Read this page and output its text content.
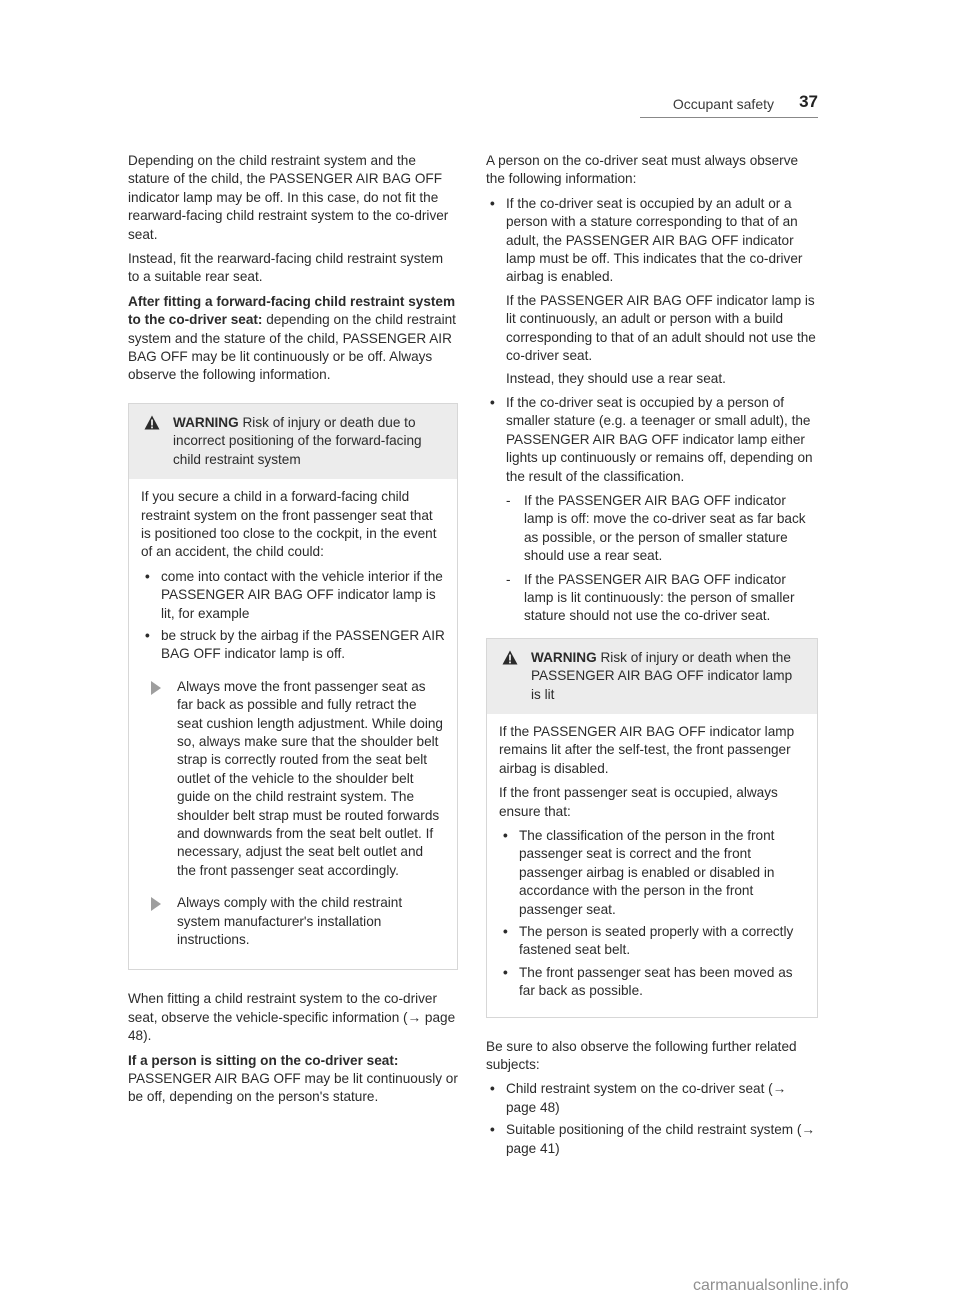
Occupant safety 37

Depending on the child restraint system and the stature of the child, the PASSENGER AIR BAG OFF indicator lamp may be off. In this case, do not fit the rearward-facing child restraint system to the co-driver seat.

Instead, fit the rearward-facing child restraint system to a suitable rear seat.

After fitting a forward-facing child restraint system to the co-driver seat: depending on the child restraint system and the stature of the child, PASSENGER AIR BAG OFF may be lit continuously or be off. Always observe the following information.

WARNING Risk of injury or death due to incorrect positioning of the forward-facing child restraint system

If you secure a child in a forward-facing child restraint system on the front passenger seat that is positioned too close to the cockpit, in the event of an accident, the child could:

• come into contact with the vehicle interior if the PASSENGER AIR BAG OFF indicator lamp is lit, for example
• be struck by the airbag if the PASSENGER AIR BAG OFF indicator lamp is off.
Always move the front passenger seat as far back as possible and fully retract the seat cushion length adjustment. While doing so, always make sure that the shoulder belt strap is correctly routed from the seat belt outlet of the vehicle to the shoulder belt guide on the child restraint system. The shoulder belt strap must be routed forwards and downwards from the seat belt outlet. If necessary, adjust the seat belt outlet and the front passenger seat accordingly.
Always comply with the child restraint system manufacturer's installation instructions.

When fitting a child restraint system to the co-driver seat, observe the vehicle-specific information (→ page 48).

If a person is sitting on the co-driver seat:

PASSENGER AIR BAG OFF may be lit continuously or be off, depending on the person's stature.

A person on the co-driver seat must always observe the following information:

• If the co-driver seat is occupied by an adult or a person with a stature corresponding to that of an adult, the PASSENGER AIR BAG OFF indicator lamp must be off. This indicates that the co-driver airbag is enabled.

If the PASSENGER AIR BAG OFF indicator lamp is lit continuously, an adult or person with a build corresponding to that of an adult should not use the co-driver seat.

Instead, they should use a rear seat.

• If the co-driver seat is occupied by a person of smaller stature (e.g. a teenager or small adult), the PASSENGER AIR BAG OFF indicator lamp either lights up continuously or remains off, depending on the result of the classification.

- If the PASSENGER AIR BAG OFF indicator lamp is off: move the co-driver seat as far back as possible, or the person of smaller stature should use a rear seat.
- If the PASSENGER AIR BAG OFF indicator lamp is lit continuously: the person of smaller stature should not use the co-driver seat.
WARNING Risk of injury or death when the PASSENGER AIR BAG OFF indicator lamp is lit

If the PASSENGER AIR BAG OFF indicator lamp remains lit after the self-test, the front passenger airbag is disabled.

If the front passenger seat is occupied, always ensure that:

• The classification of the person in the front passenger seat is correct and the front passenger airbag is enabled or disabled in accordance with the person in the front passenger seat.
• The person is seated properly with a correctly fastened seat belt.
• The front passenger seat has been moved as far back as possible.

Be sure to also observe the following further related subjects:

• Child restraint system on the co-driver seat (→ page 48)
• Suitable positioning of the child restraint system (→ page 41)
carmanualsonline.info
